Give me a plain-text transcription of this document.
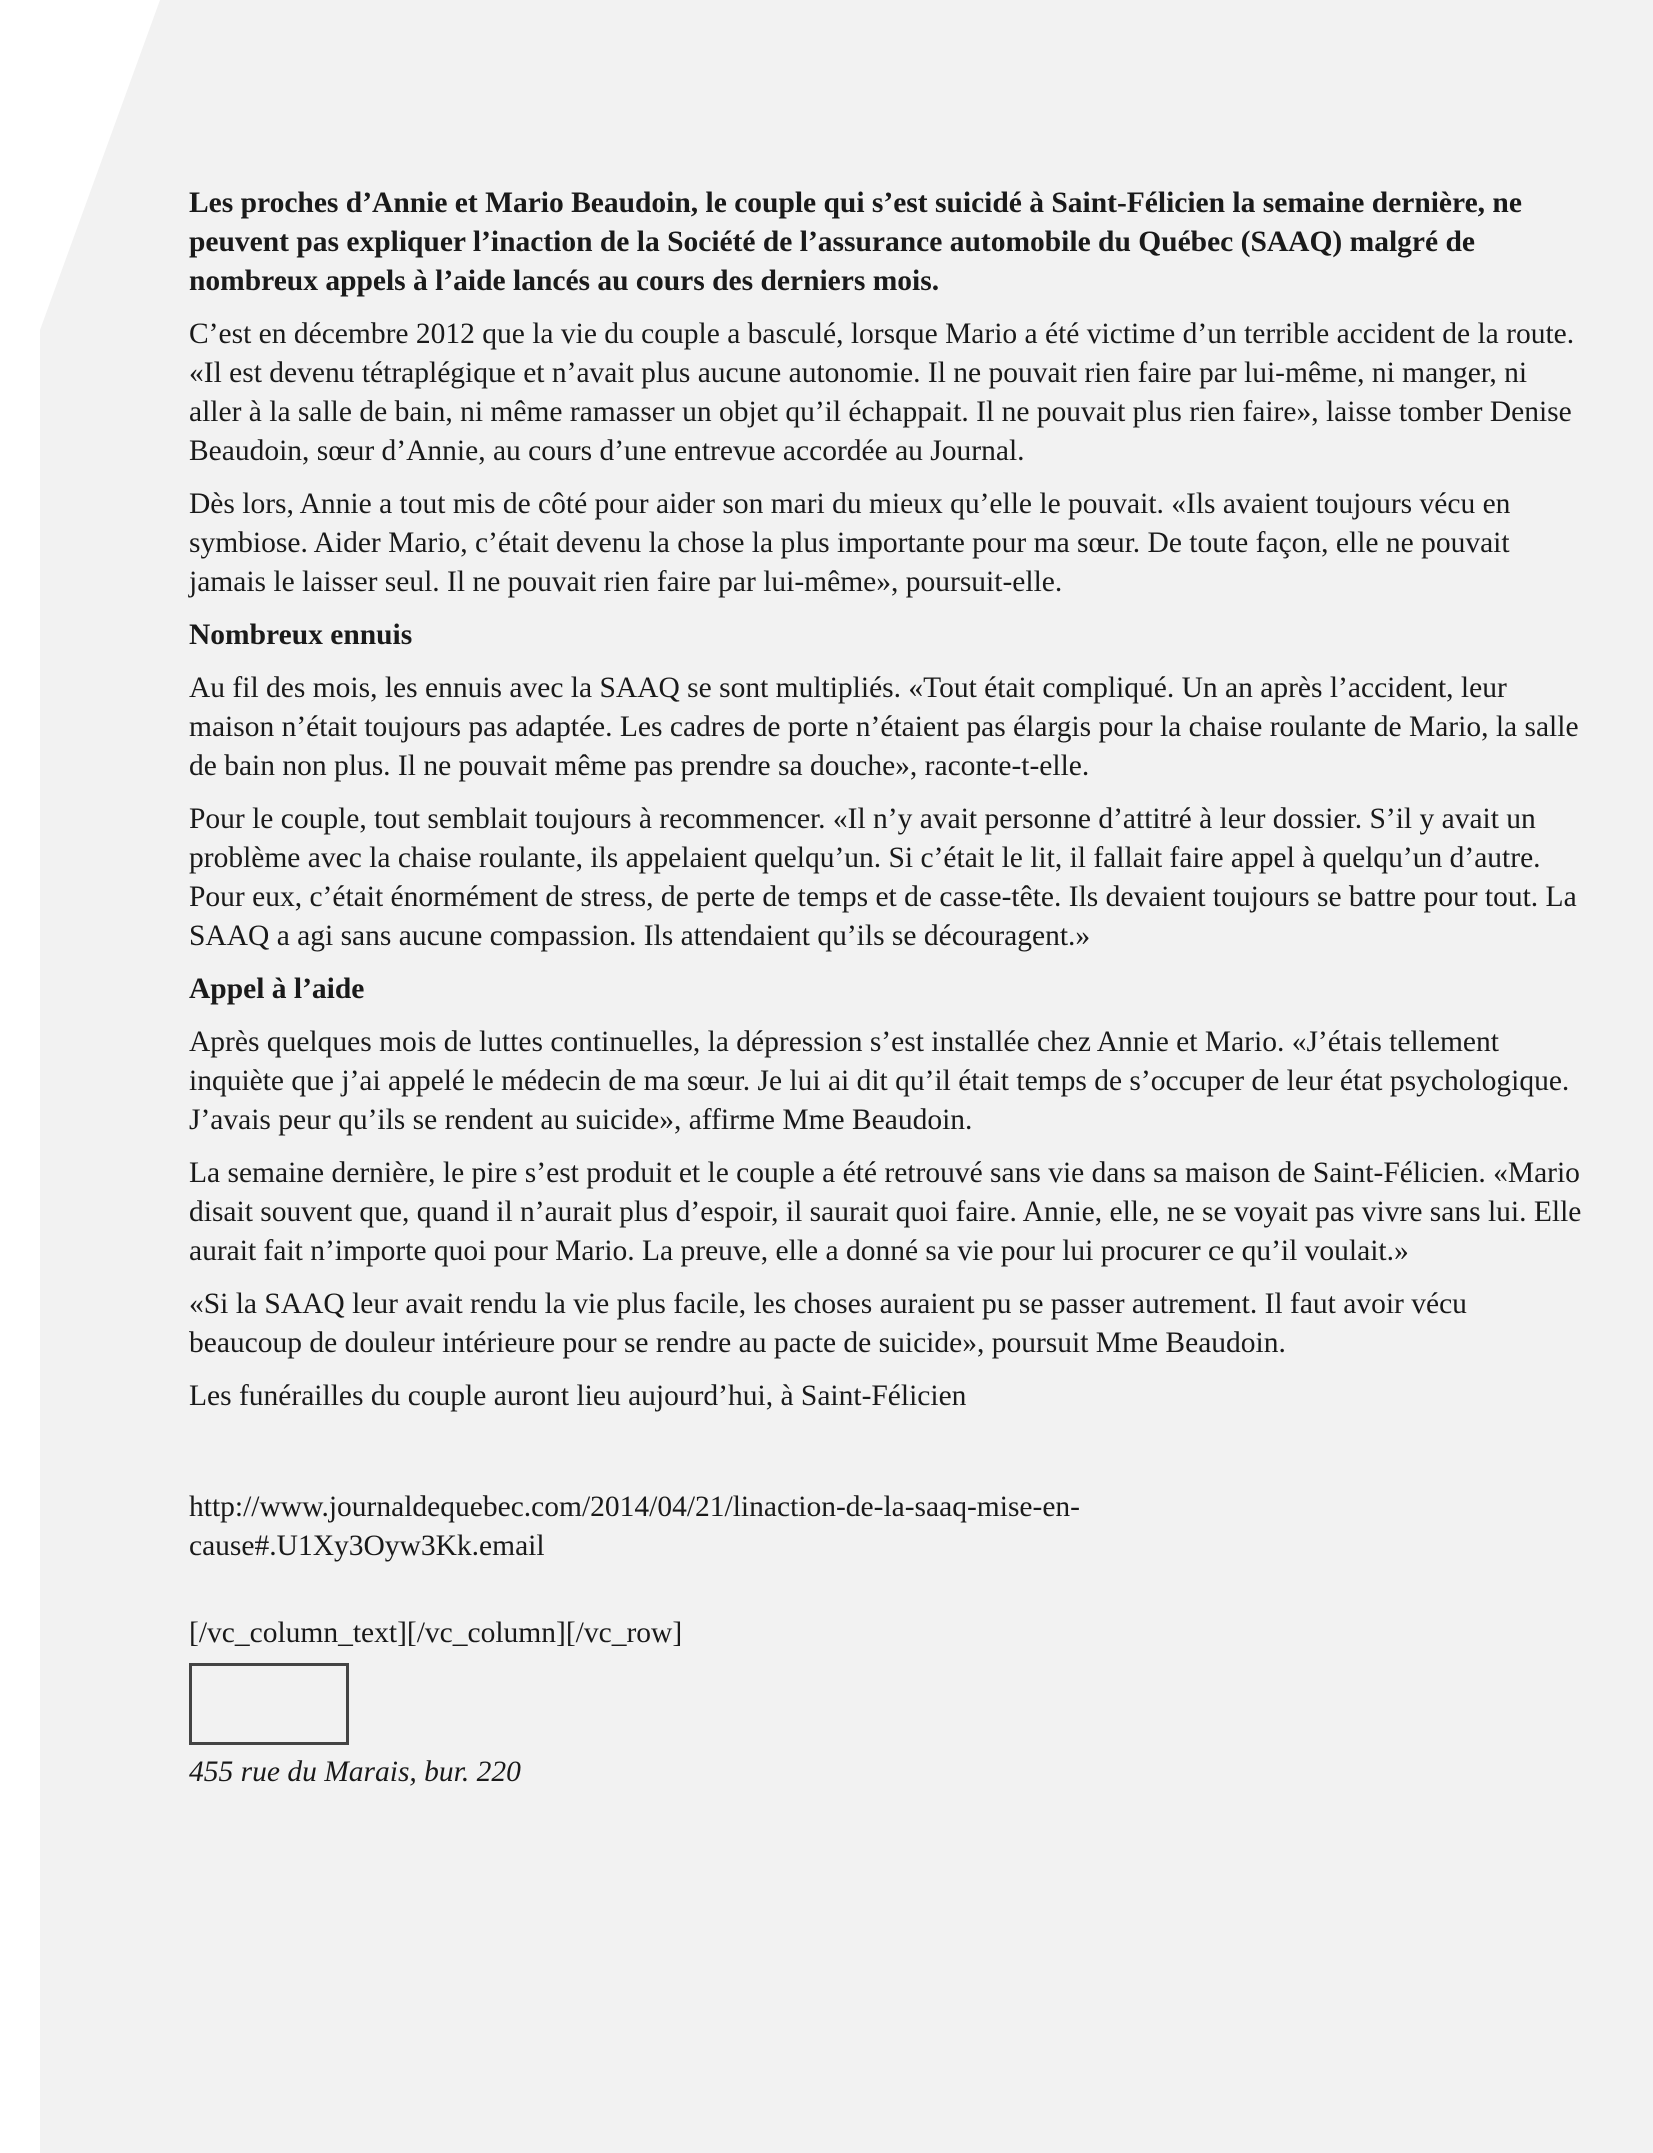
Les proches d’Annie et Mario Beaudoin, le couple qui s’est suicidé à Saint-Félicien la semaine dernière, ne peuvent pas expliquer l’inaction de la Société de l’assurance automobile du Québec (SAAQ) malgré de nombreux appels à l’aide lancés au cours des derniers mois.

C’est en décembre 2012 que la vie du couple a basculé, lorsque Mario a été victime d’un terrible accident de la route. «Il est devenu tétraplégique et n’avait plus aucune autonomie. Il ne pouvait rien faire par lui-même, ni manger, ni aller à la salle de bain, ni même ramasser un objet qu’il échappait. Il ne pouvait plus rien faire», laisse tomber Denise Beaudoin, sœur d’Annie, au cours d’une entrevue accordée au Journal.

Dès lors, Annie a tout mis de côté pour aider son mari du mieux qu’elle le pouvait. «Ils avaient toujours vécu en symbiose. Aider Mario, c’était devenu la chose la plus importante pour ma sœur. De toute façon, elle ne pouvait jamais le laisser seul. Il ne pouvait rien faire par lui-même», poursuit-elle.

Nombreux ennuis

Au fil des mois, les ennuis avec la SAAQ se sont multipliés. «Tout était compliqué. Un an après l’accident, leur maison n’était toujours pas adaptée. Les cadres de porte n’étaient pas élargis pour la chaise roulante de Mario, la salle de bain non plus. Il ne pouvait même pas prendre sa douche», raconte-t-elle.

Pour le couple, tout semblait toujours à recommencer. «Il n’y avait personne d’attitré à leur dossier. S’il y avait un problème avec la chaise roulante, ils appelaient quelqu’un. Si c’était le lit, il fallait faire appel à quelqu’un d’autre. Pour eux, c’était énormément de stress, de perte de temps et de casse-tête. Ils devaient toujours se battre pour tout. La SAAQ a agi sans aucune compassion. Ils attendaient qu’ils se découragent.»

Appel à l’aide

Après quelques mois de luttes continuelles, la dépression s’est installée chez Annie et Mario. «J’étais tellement inquiète que j’ai appelé le médecin de ma sœur. Je lui ai dit qu’il était temps de s’occuper de leur état psychologique. J’avais peur qu’ils se rendent au suicide», affirme Mme Beaudoin.

La semaine dernière, le pire s’est produit et le couple a été retrouvé sans vie dans sa maison de Saint-Félicien. «Mario disait souvent que, quand il n’aurait plus d’espoir, il saurait quoi faire. Annie, elle, ne se voyait pas vivre sans lui. Elle aurait fait n’importe quoi pour Mario. La preuve, elle a donné sa vie pour lui procurer ce qu’il voulait.»

«Si la SAAQ leur avait rendu la vie plus facile, les choses auraient pu se passer autrement. Il faut avoir vécu beaucoup de douleur intérieure pour se rendre au pacte de suicide», poursuit Mme Beaudoin.

Les funérailles du couple auront lieu aujourd’hui, à Saint-Félicien

http://www.journaldequebec.com/2014/04/21/linaction-de-la-saaq-mise-en-cause#.U1Xy3Oyw3Kk.email
[/vc_column_text][/vc_column][/vc_row]
455 rue du Marais, bur. 220
